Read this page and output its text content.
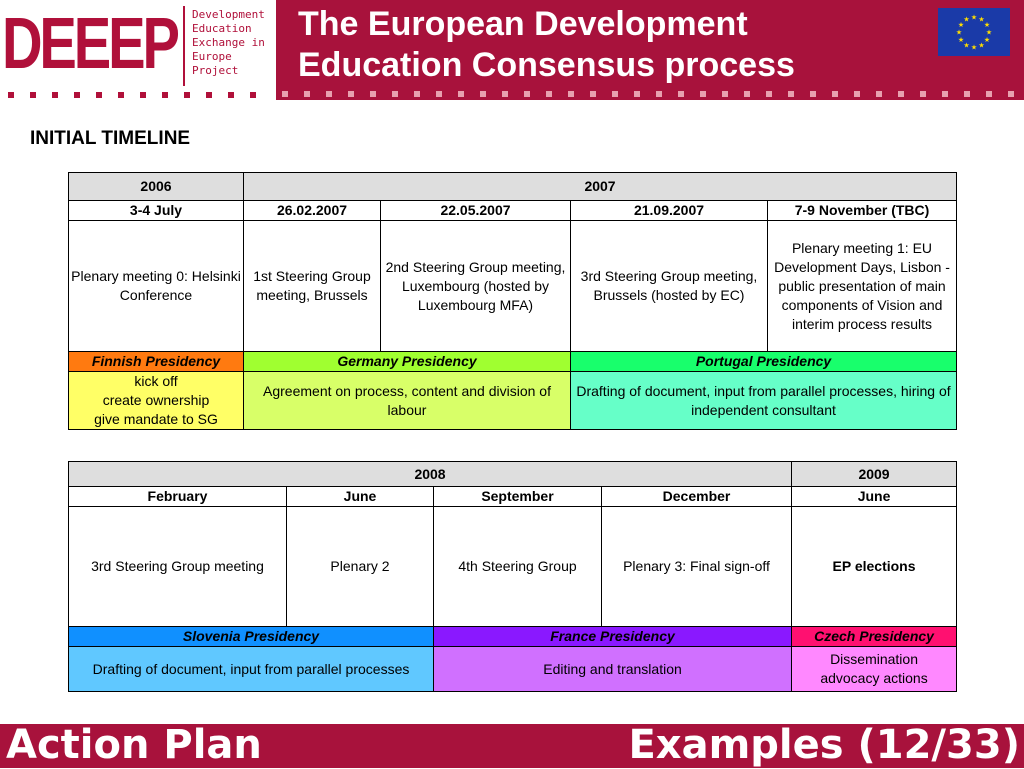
DEEEP Development
Education
Exchange in
Europe
Project
The European Development
Education Consensus process
★ ★
★
★
★
★
★
★
★
★
★
★
INITIAL TIMELINE
2006	2007			
3-4 July	26.02.2007	22.05.2007	21.09.2007	7-9 November (TBC)
Plenary meeting 0: Helsinki Conference	1st Steering Group meeting, Brussels	2nd Steering Group meeting, Luxembourg (hosted by Luxembourg MFA)	3rd Steering Group meeting, Brussels (hosted by EC)	Plenary meeting 1: EU Development Days, Lisbon - public presentation of main components of Vision and interim process results
Finnish Presidency	Germany Presidency		Portugal Presidency	

kick off
create ownership
give mandate to SG	Agreement on process, content and division of labour		Drafting of document, input from parallel processes, hiring of independent consultant	
2008				2009
February	June	September	December	June
3rd Steering Group meeting	Plenary 2	4th Steering Group	Plenary 3: Final sign-off	EP elections
Slovenia Presidency		France Presidency		Czech Presidency
Drafting of document, input from parallel processes		Editing and translation		Dissemination
advocacy actions
Action Plan	Examples (12/33)
